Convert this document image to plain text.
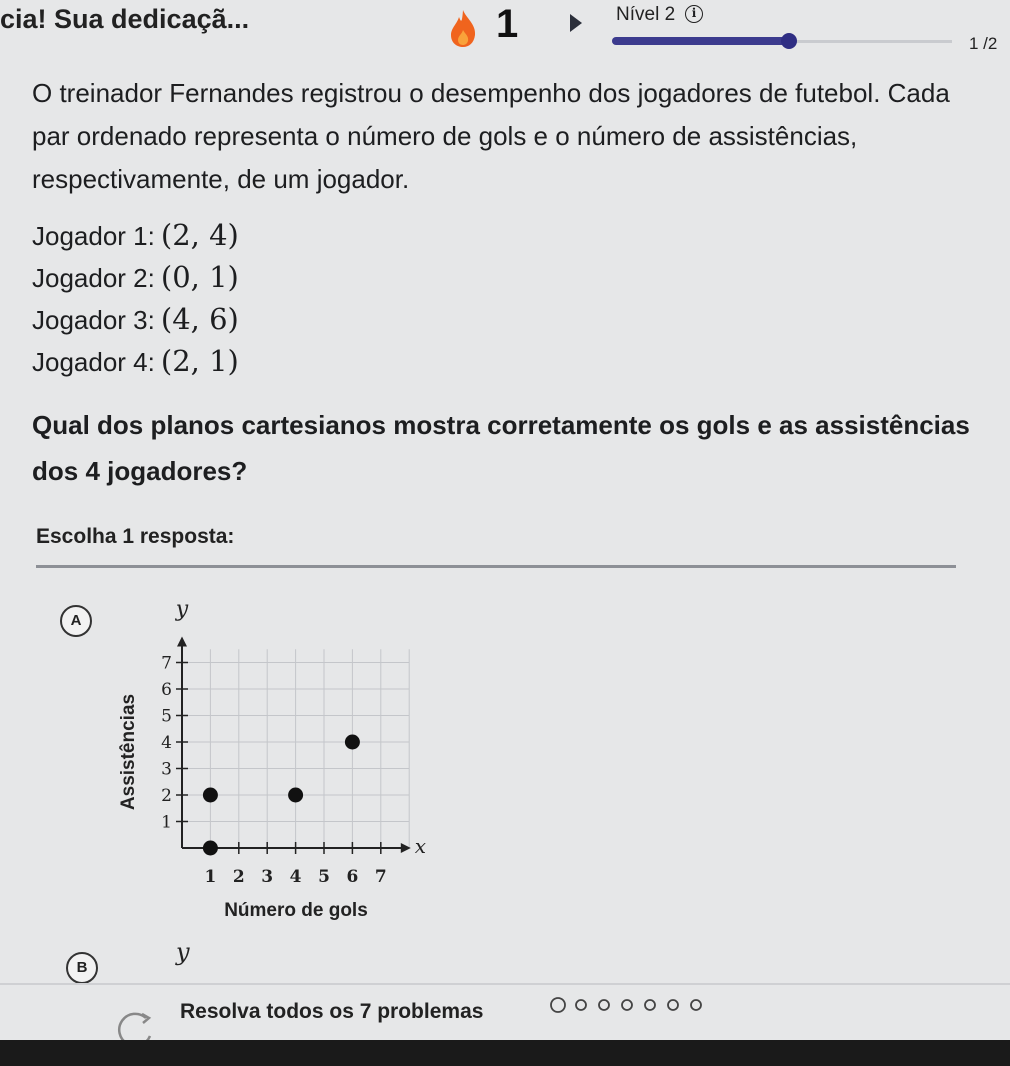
cia! Sua dedicaçã...	1	Nível 2	i
1 /2
O treinador Fernandes registrou o desempenho dos jogadores de futebol. Cada par ordenado representa o número de gols e o número de assistências, respectivamente, de um jogador.
Jogador 1: (2, 4)
Jogador 2: (0, 1)
Jogador 3: (4, 6)
Jogador 4: (2, 1)
Qual dos planos cartesianos mostra corretamente os gols e as assistências dos 4 jogadores?
Escolha 1 resposta:
A
1 2 3 4 5 6 7
1
2
3
4
5
6
7
x
y
Assistências
Número de gols
B
y
Resolva todos os 7 problemas
